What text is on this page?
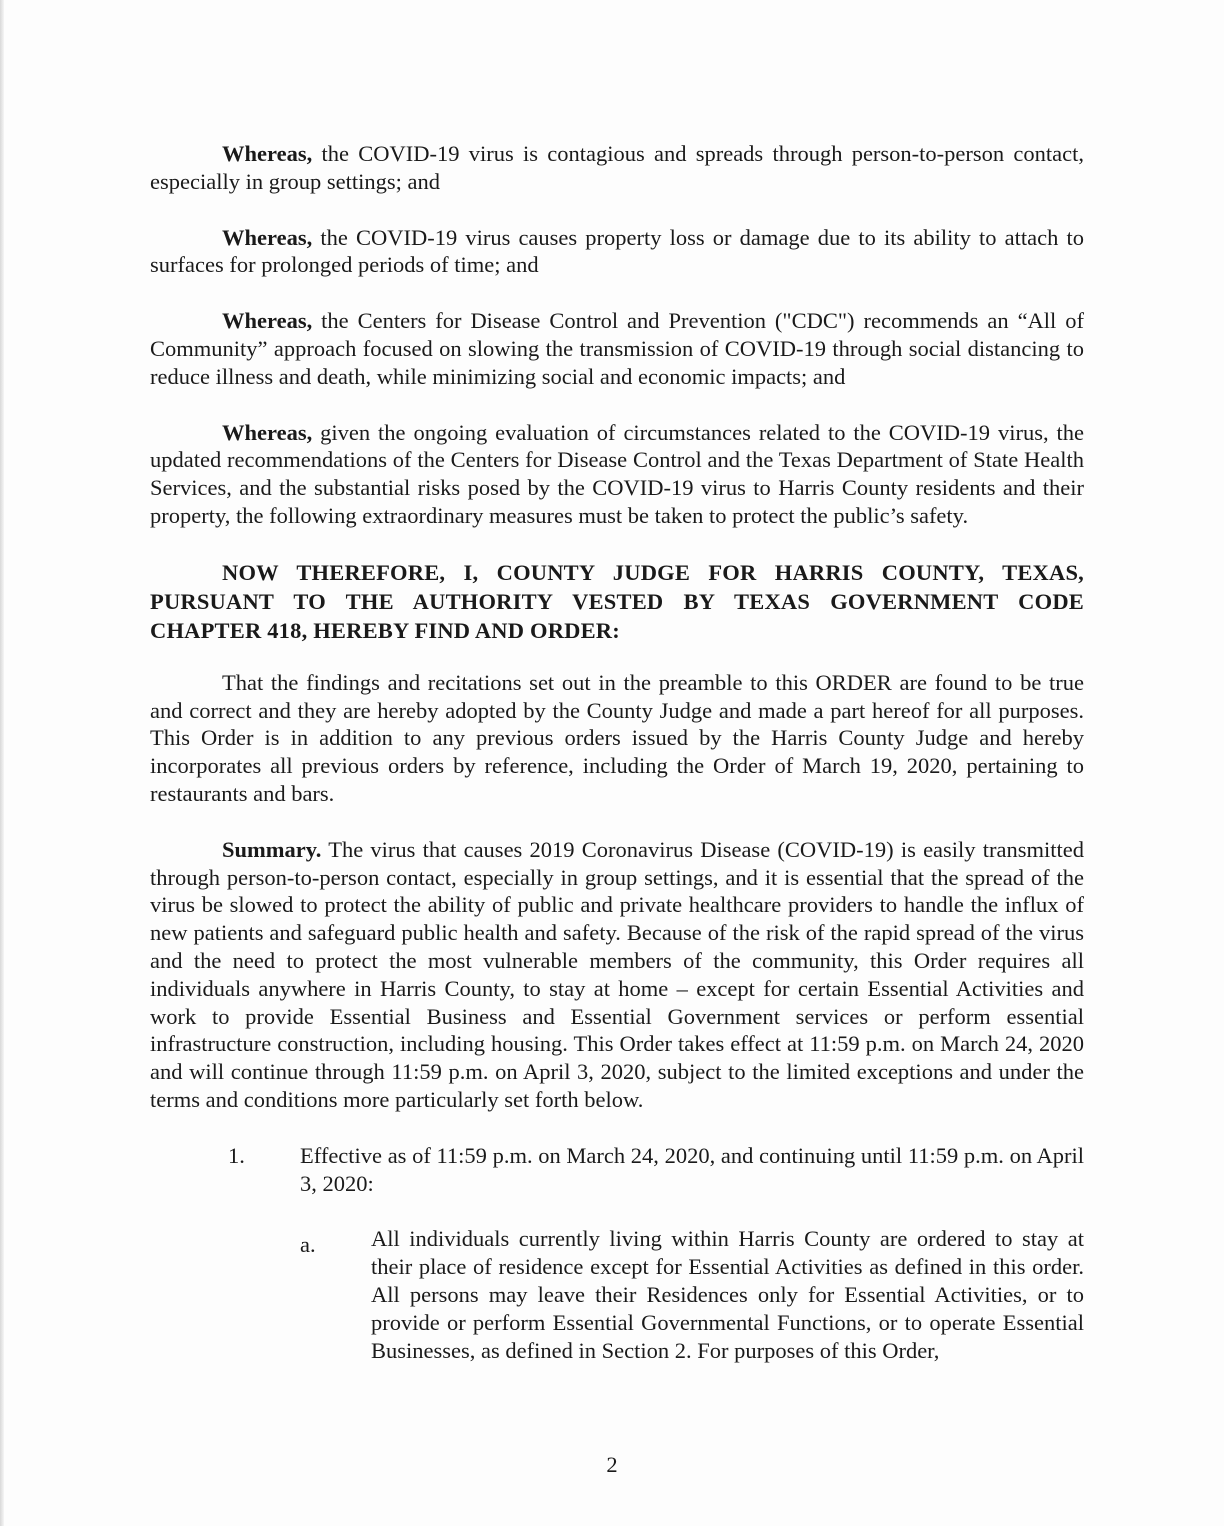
Whereas, the COVID-19 virus is contagious and spreads through person-to-person contact, especially in group settings; and

Whereas, the COVID-19 virus causes property loss or damage due to its ability to attach to surfaces for prolonged periods of time; and

Whereas, the Centers for Disease Control and Prevention ("CDC") recommends an “All of Community” approach focused on slowing the transmission of COVID-19 through social distancing to reduce illness and death, while minimizing social and economic impacts; and

Whereas, given the ongoing evaluation of circumstances related to the COVID-19 virus, the updated recommendations of the Centers for Disease Control and the Texas Department of State Health Services, and the substantial risks posed by the COVID-19 virus to Harris County residents and their property, the following extraordinary measures must be taken to protect the public’s safety.

NOW THEREFORE, I, COUNTY JUDGE FOR HARRIS COUNTY, TEXAS, PURSUANT TO THE AUTHORITY VESTED BY TEXAS GOVERNMENT CODE CHAPTER 418, HEREBY FIND AND ORDER:

That the findings and recitations set out in the preamble to this ORDER are found to be true and correct and they are hereby adopted by the County Judge and made a part hereof for all purposes. This Order is in addition to any previous orders issued by the Harris County Judge and hereby incorporates all previous orders by reference, including the Order of March 19, 2020, pertaining to restaurants and bars.

Summary. The virus that causes 2019 Coronavirus Disease (COVID-19) is easily transmitted through person-to-person contact, especially in group settings, and it is essential that the spread of the virus be slowed to protect the ability of public and private healthcare providers to handle the influx of new patients and safeguard public health and safety. Because of the risk of the rapid spread of the virus and the need to protect the most vulnerable members of the community, this Order requires all individuals anywhere in Harris County, to stay at home – except for certain Essential Activities and work to provide Essential Business and Essential Government services or perform essential infrastructure construction, including housing. This Order takes effect at 11:59 p.m. on March 24, 2020 and will continue through 11:59 p.m. on April 3, 2020, subject to the limited exceptions and under the terms and conditions more particularly set forth below.

1. Effective as of 11:59 p.m. on March 24, 2020, and continuing until 11:59 p.m. on April 3, 2020:

a. All individuals currently living within Harris County are ordered to stay at their place of residence except for Essential Activities as defined in this order. All persons may leave their Residences only for Essential Activities, or to provide or perform Essential Governmental Functions, or to operate Essential Businesses, as defined in Section 2. For purposes of this Order,

2
